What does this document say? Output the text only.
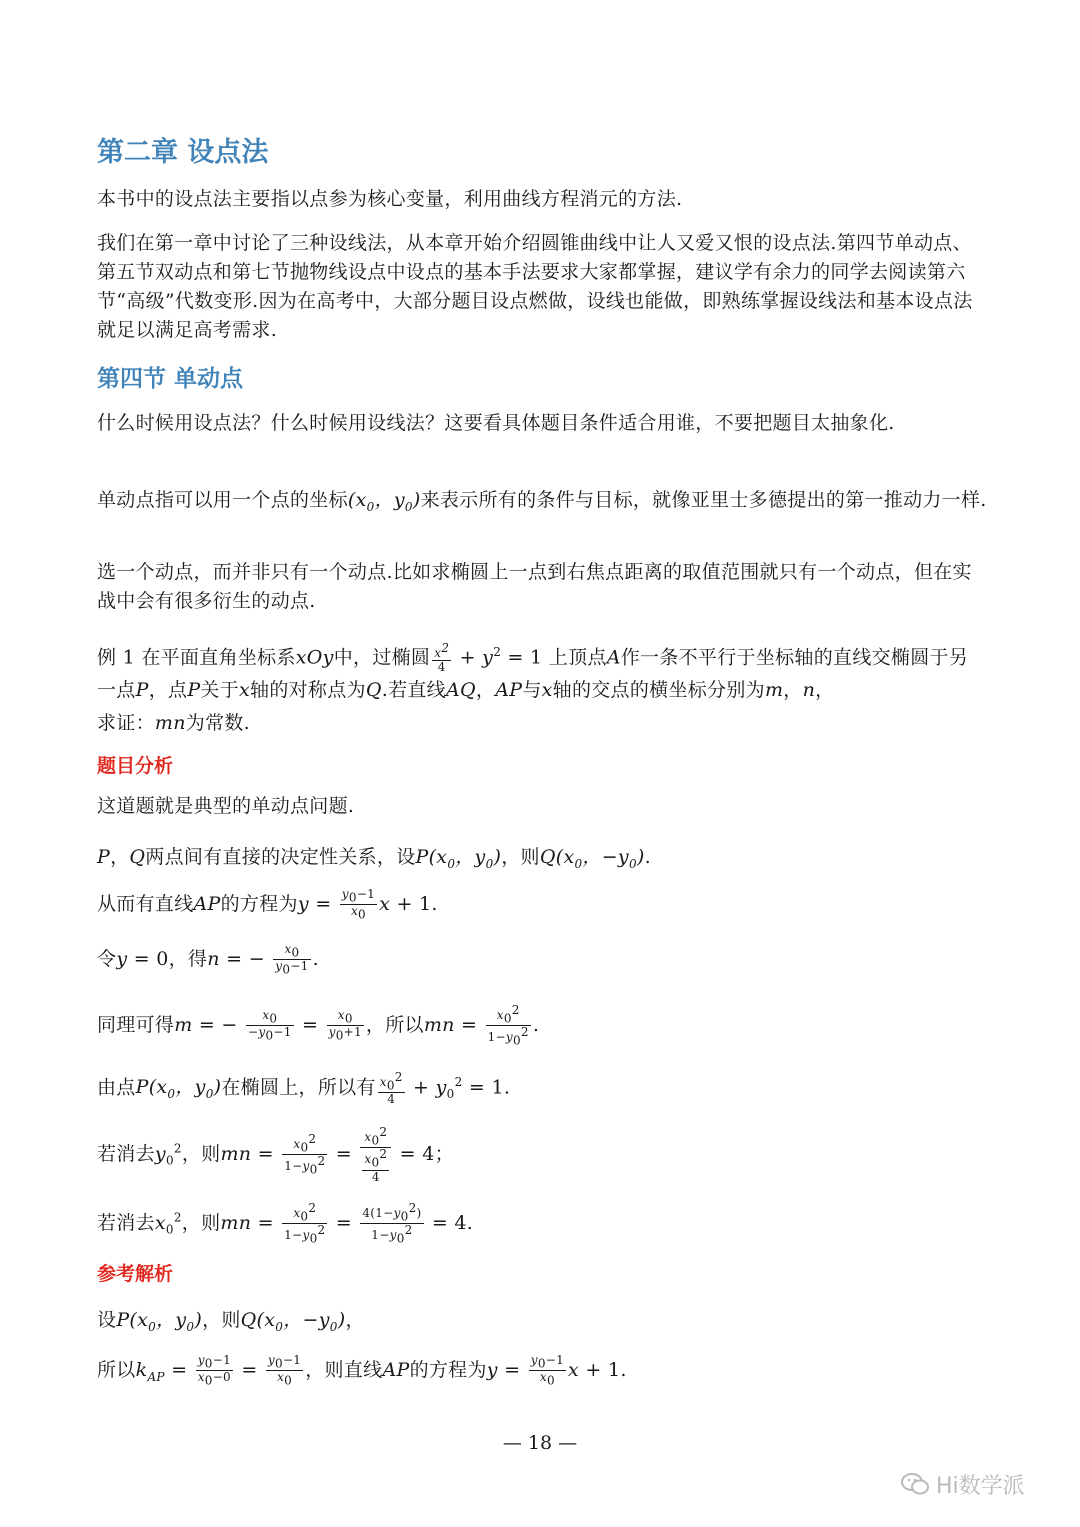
第二章 设点法
本书中的设点法主要指以点参为核心变量，利用曲线方程消元的方法.
我们在第一章中讨论了三种设线法，从本章开始介绍圆锥曲线中让人又爱又恨的设点法.第四节单动点、第五节双动点和第七节抛物线设点中设点的基本手法要求大家都掌握，建议学有余力的同学去阅读第六节“高级”代数变形.因为在高考中，大部分题目设点燃做，设线也能做，即熟练掌握设线法和基本设点法就足以满足高考需求.
第四节 单动点
什么时候用设点法？什么时候用设线法？这要看具体题目条件适合用谁，不要把题目太抽象化.
单动点指可以用一个点的坐标($x_0$，$y_0$)来表示所有的条件与目标，就像亚里士多德提出的第一推动力一样.
选一个动点，而并非只有一个动点.比如求椭圆上一点到右焦点距离的取值范围就只有一个动点，但在实战中会有很多衍生的动点.
例 1 在平面直角坐标系xOy中，过椭圆 $\frac{x^2}{4} + y^2 = 1$ 上顶点A作一条不平行于坐标轴的直线交椭圆于另一点P，点P关于x轴的对称点为Q.若直线AQ，AP与x轴的交点的横坐标分别为m，n，
求证：mn为常数.
题目分析
这道题就是典型的单动点问题.
P，Q两点间有直接的决定性关系，设$P(x_0$，$y_0$)，则$Q(x_0$，$-y_0$).
从而有直线AP的方程为$y = \frac{y_0-1}{x_0}$ x + 1.
令y = 0，得n = − $\frac{x_0}{y_0-1}$ .
同理可得m = − $\frac{x_0}{-y_0-1} = \frac{x_0}{y_0+1}$ ，所以mn = $\frac{x_0^2}{1-y_0^2}$ .
由点$P(x_0$，$y_0$)在椭圆上，所以有 $\frac{x_0^2}{4} + y_0^2 = 1$.
若消去$y_0^2$，则mn = $\frac{x_0^2}{1-y_0^2} = \frac{x_0^2}{\frac{x_0^2}{4}} = 4$；
若消去$x_0^2$，则mn = $\frac{x_0^2}{1-y_0^2} = \frac{4(1-y_0^2)}{1-y_0^2} = 4$.
参考解析
设$P(x_0$，$y_0$)，则$Q(x_0$，$-y_0$)，
所以$k_{AP} = \frac{y_0-1}{x_0-0} = \frac{y_0-1}{x_0}$ ，则直线AP的方程为$y = \frac{y_0-1}{x_0}$ x + 1.
— 18 —
Hi数学派
